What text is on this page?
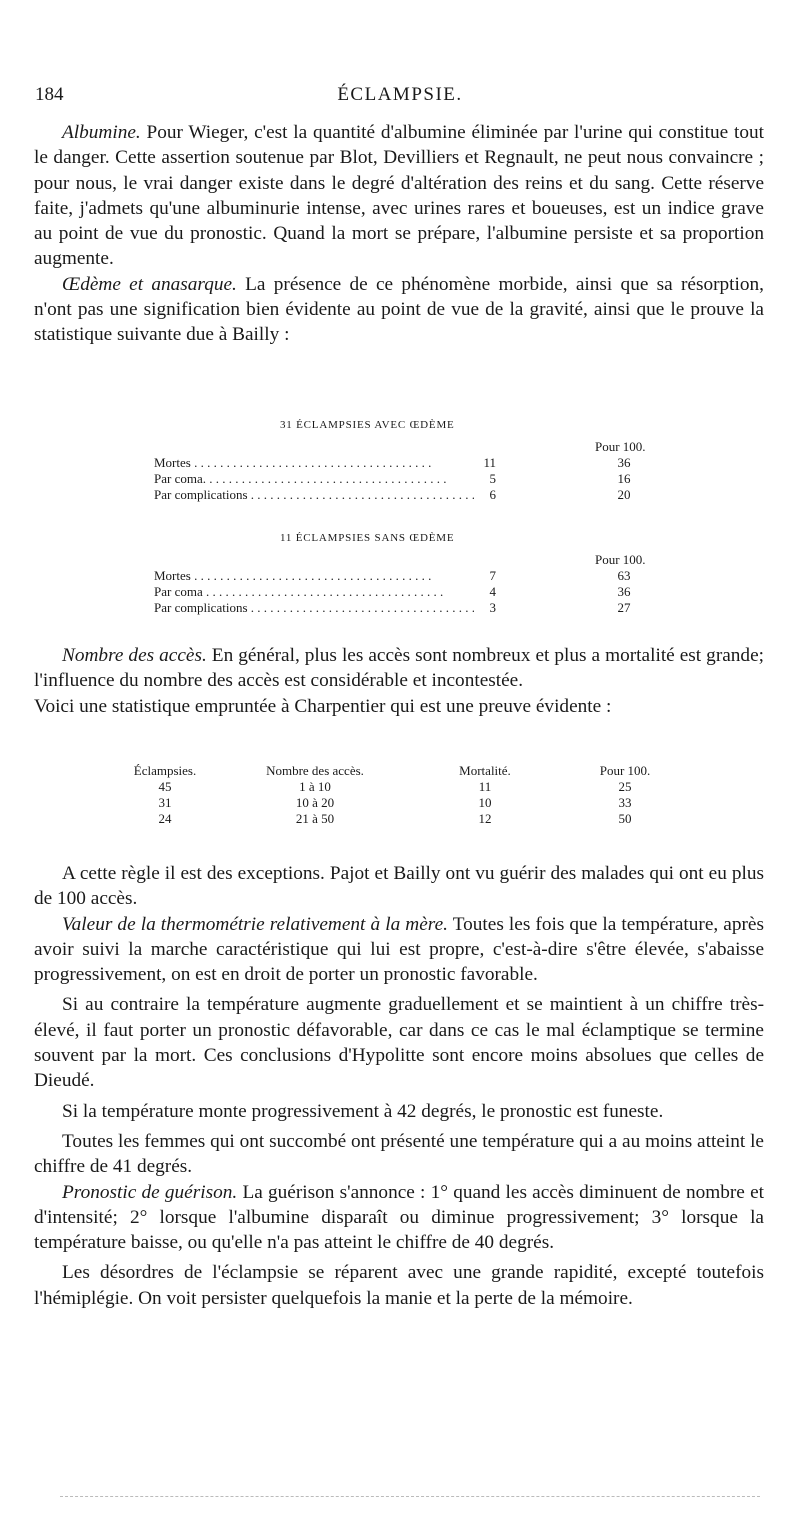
184	ÉCLAMPSIE.

Albumine. Pour Wieger, c'est la quantité d'albumine éliminée par l'urine qui constitue tout le danger. Cette assertion soutenue par Blot, Devilliers et Regnault, ne peut nous convaincre ; pour nous, le vrai danger existe dans le degré d'altération des reins et du sang. Cette réserve faite, j'admets qu'une albuminurie intense, avec urines rares et boueuses, est un indice grave au point de vue du pronostic. Quand la mort se prépare, l'albumine persiste et sa proportion augmente.

Œdème et anasarque. La présence de ce phénomène morbide, ainsi que sa résorption, n'ont pas une signification bien évidente au point de vue de la gravité, ainsi que le prouve la statistique suivante due à Bailly :

31 ÉCLAMPSIES AVEC ŒDÈME
Pour 100.
Mortes . . .	11	36
Par coma. . . .	5	16
Par complications . . .	6	20
11 ÉCLAMPSIES SANS ŒDÈME
Pour 100.
Mortes . . .	7	63
Par coma . . .	4	36
Par complications . . .	3	27

Nombre des accès. En général, plus les accès sont nombreux et plus a mortalité est grande; l'influence du nombre des accès est considérable et incontestée.

Voici une statistique empruntée à Charpentier qui est une preuve évidente :

Éclampsies.	Nombre des accès.	Mortalité.	Pour 100.
45	1 à 10	11	25
31	10 à 20	10	33
24	21 à 50	12	50

A cette règle il est des exceptions. Pajot et Bailly ont vu guérir des malades qui ont eu plus de 100 accès.

Valeur de la thermométrie relativement à la mère. Toutes les fois que la température, après avoir suivi la marche caractéristique qui lui est propre, c'est-à-dire s'être élevée, s'abaisse progressivement, on est en droit de porter un pronostic favorable.

Si au contraire la température augmente graduellement et se maintient à un chiffre très-élevé, il faut porter un pronostic défavorable, car dans ce cas le mal éclamptique se termine souvent par la mort. Ces conclusions d'Hypolitte sont encore moins absolues que celles de Dieudé.

Si la température monte progressivement à 42 degrés, le pronostic est funeste.

Toutes les femmes qui ont succombé ont présenté une température qui a au moins atteint le chiffre de 41 degrés.

Pronostic de guérison. La guérison s'annonce : 1° quand les accès diminuent de nombre et d'intensité; 2° lorsque l'albumine disparaît ou diminue progressivement; 3° lorsque la température baisse, ou qu'elle n'a pas atteint le chiffre de 40 degrés.

Les désordres de l'éclampsie se réparent avec une grande rapidité, excepté toutefois l'hémiplégie. On voit persister quelquefois la manie et la perte de la mémoire.
